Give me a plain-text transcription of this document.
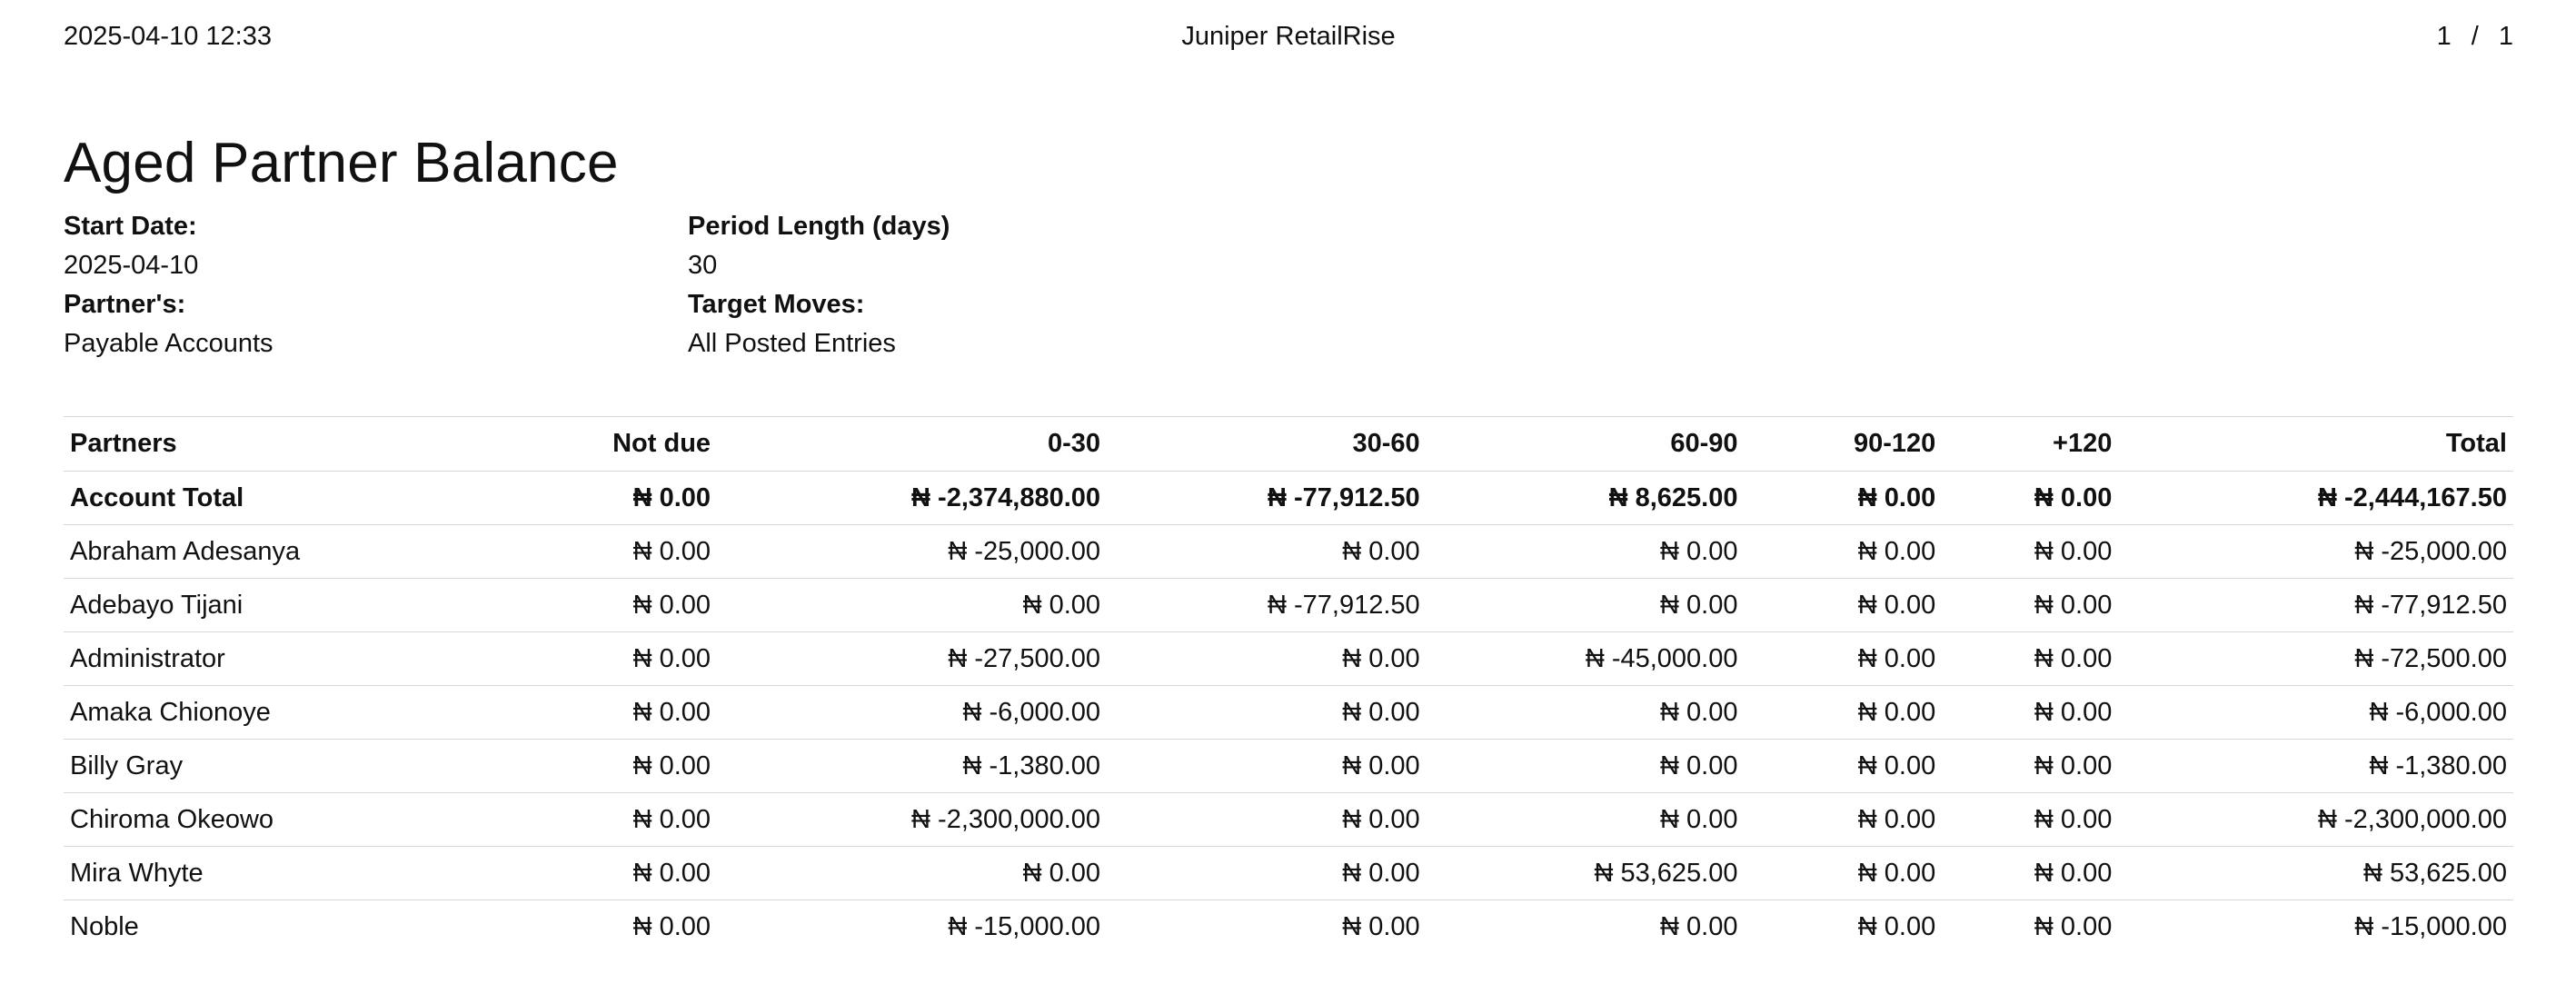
2025-04-10 12:33	Juniper RetailRise	1 / 1
Aged Partner Balance
Start Date:
2025-04-10
Partner's:
Payable Accounts
Period Length (days)
30
Target Moves:
All Posted Entries
Partners	Not due	0-30	30-60	60-90	90-120	+120	Total
Account Total	₦ 0.00	₦ -2,374,880.00	₦ -77,912.50	₦ 8,625.00	₦ 0.00	₦ 0.00	₦ -2,444,167.50
Abraham Adesanya	₦ 0.00	₦ -25,000.00	₦ 0.00	₦ 0.00	₦ 0.00	₦ 0.00	₦ -25,000.00
Adebayo Tijani	₦ 0.00	₦ 0.00	₦ -77,912.50	₦ 0.00	₦ 0.00	₦ 0.00	₦ -77,912.50
Administrator	₦ 0.00	₦ -27,500.00	₦ 0.00	₦ -45,000.00	₦ 0.00	₦ 0.00	₦ -72,500.00
Amaka Chionoye	₦ 0.00	₦ -6,000.00	₦ 0.00	₦ 0.00	₦ 0.00	₦ 0.00	₦ -6,000.00
Billy Gray	₦ 0.00	₦ -1,380.00	₦ 0.00	₦ 0.00	₦ 0.00	₦ 0.00	₦ -1,380.00
Chiroma Okeowo	₦ 0.00	₦ -2,300,000.00	₦ 0.00	₦ 0.00	₦ 0.00	₦ 0.00	₦ -2,300,000.00
Mira Whyte	₦ 0.00	₦ 0.00	₦ 0.00	₦ 53,625.00	₦ 0.00	₦ 0.00	₦ 53,625.00
Noble	₦ 0.00	₦ -15,000.00	₦ 0.00	₦ 0.00	₦ 0.00	₦ 0.00	₦ -15,000.00
